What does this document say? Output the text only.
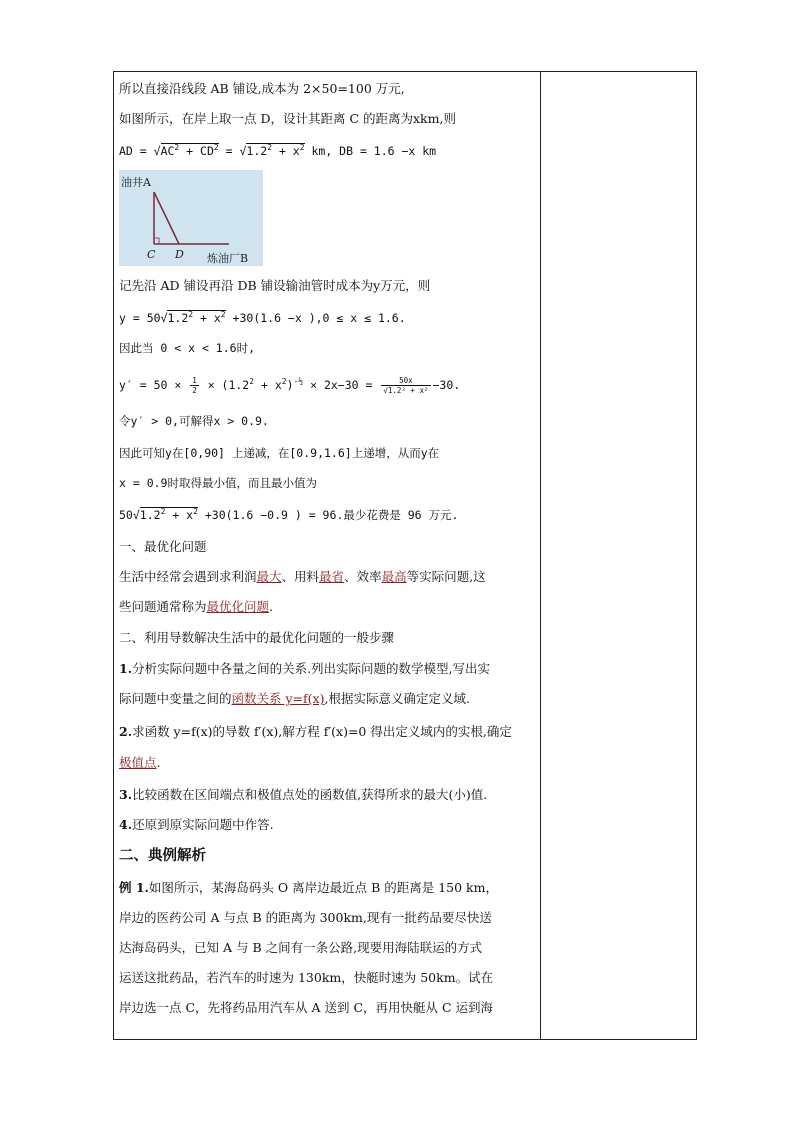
所以直接沿线段 AB 铺设,成本为 2×50=100 万元,
如图所示，在岸上取一点 D，设计其距离 C 的距离为xkm,则
AD = $√AC^2 + CD^2 = √1.2^2 + x^2$ km, DB = 1.6 −x km
油井A
C D 炼油厂B
记先沿 AD 铺设再沿 DB 铺设输油管时成本为y万元，则
$y = 50√1.2^2 + x^2 +30(1.6 -x$ ),0 ≤ x ≤ 1.6.
因此当 0 < x < 1.6时,
$y' = 50 \times \frac{1}{2} \times (1.2^2 + x^2)^{-\frac{1}{2}} \times 2x-30 = \frac{50x}{\text{√1.2² + x²}} -30$.
令y′ > 0,可解得x > 0.9.
因此可知y在[0,90] 上递减，在[0.9,1.6]上递增，从而y在
x = 0.9时取得最小值，而且最小值为
$50√1.2^2 + x^2 +30(1.6 -0.9$ ) = 96.最少花费是 96 万元.
一、最优化问题
生活中经常会遇到求利润最大、用料最省、效率最高等实际问题,这
些问题通常称为最优化问题.
二、利用导数解决生活中的最优化问题的一般步骤
1.分析实际问题中各量之间的关系.列出实际问题的数学模型,写出实
际问题中变量之间的函数关系 y=f(x),根据实际意义确定定义域.
2.求函数 y=f(x)的导数 f′(x),解方程 f′(x)=0 得出定义域内的实根,确定
极值点.
3.比较函数在区间端点和极值点处的函数值,获得所求的最大(小)值.
4.还原到原实际问题中作答.
二、典例解析
例 1.如图所示，某海岛码头 O 离岸边最近点 B 的距离是 150 km，
岸边的医药公司 A 与点 B 的距离为 300km,现有一批药品要尽快送
达海岛码头，已知 A 与 B 之间有一条公路,现要用海陆联运的方式
运送这批药品，若汽车的时速为 130km，快艇时速为 50km。试在
岸边选一点 C，先将药品用汽车从 A 送到 C，再用快艇从 C 运到海
